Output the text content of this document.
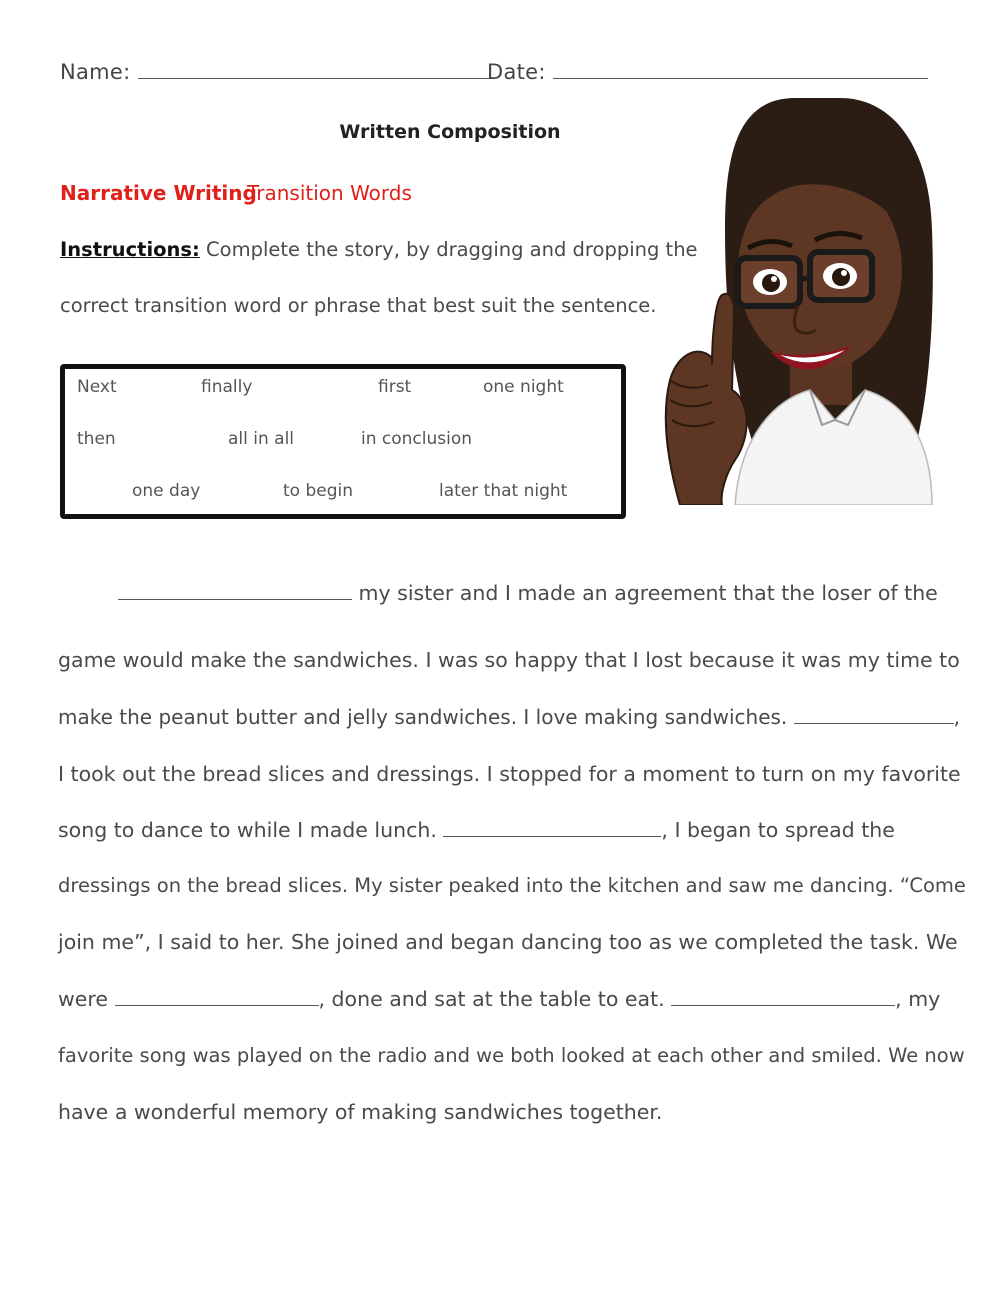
Name:	Date:
Written Composition
Narrative Writing
Transition Words
Instructions: Complete the story, by dragging and dropping the
correct transition word or phrase that best suit the sentence.
Next	finally	first	one night
then	all in all	in conclusion
one day	to begin	later that night
my sister and I made an agreement that the loser of the
game would make the sandwiches. I was so happy that I lost because it was my time to
make the peanut butter and jelly sandwiches. I love making sandwiches.	,
I took out the bread slices and dressings. I stopped for a moment to turn on my favorite
song to dance to while I made lunch.	, I began to spread the
dressings on the bread slices. My sister peaked into the kitchen and saw me dancing. “Come
join me”, I said to her. She joined and began dancing too as we completed the task. We
were	, done and sat at the table to eat.	, my
favorite song was played on the radio and we both looked at each other and smiled. We now
have a wonderful memory of making sandwiches together.
